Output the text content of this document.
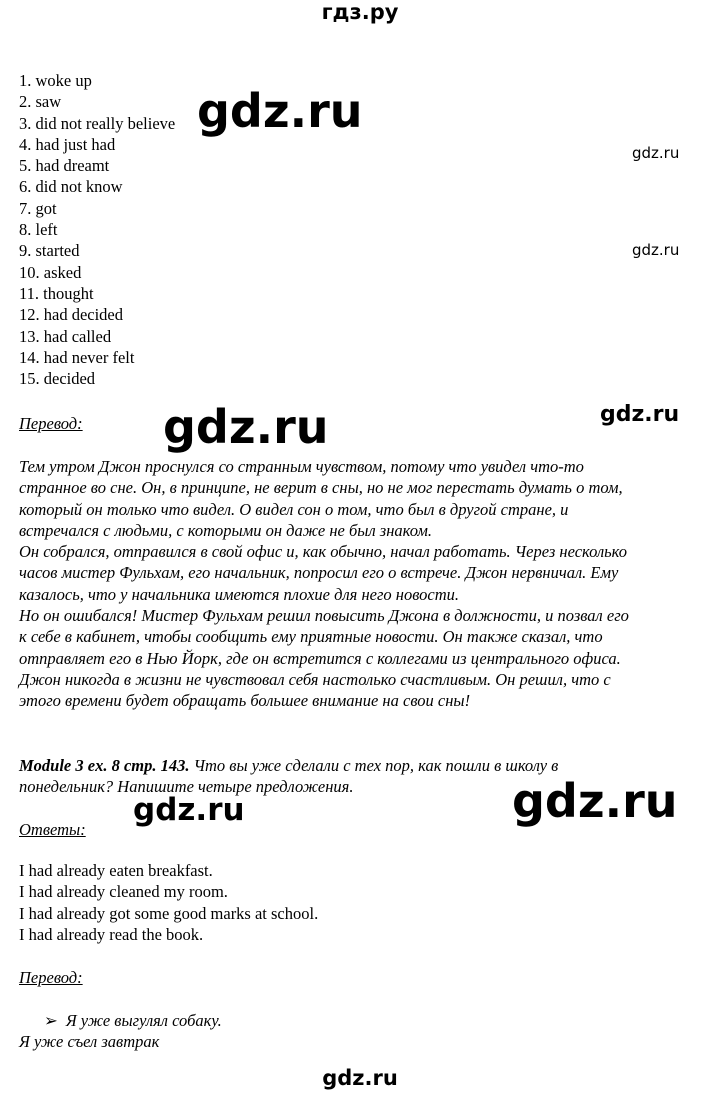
гдз.ру
1. woke up
2. saw
3. did not really believe
4. had just had
5. had dreamt
6. did not know
7. got
8. left
9. started
10. asked
11. thought
12. had decided
13. had called
14. had never felt
15. decided
gdz.ru
gdz.ru
gdz.ru
gdz.ru	gdz.ru
gdz.ru	gdz.ru
Перевод:
Тем утром Джон проснулся со странным чувством, потому что увидел что-то
странное во сне. Он, в принципе, не верит в сны, но не мог перестать думать о том,
который он только что видел. О видел сон о том, что был в другой стране, и
встречался с людьми, с которыми он даже не был знаком.
Он собрался, отправился в свой офис и, как обычно, начал работать. Через несколько
часов мистер Фульхам, его начальник, попросил его о встрече. Джон нервничал. Ему
казалось, что у начальника имеются плохие для него новости.
Но он ошибался! Мистер Фульхам решил повысить Джона в должности, и позвал его
к себе в кабинет, чтобы сообщить ему приятные новости. Он также сказал, что
отправляет его в Нью Йорк, где он встретится с коллегами из центрального офиса.
Джон никогда в жизни не чувствовал себя настолько счастливым. Он решил, что с
этого времени будет обращать большее внимание на свои сны!
Module 3 ex. 8 стр. 143. Что вы уже сделали с тех пор, как пошли в школу в
понедельник? Напишите четыре предложения.
Ответы:
I had already eaten breakfast.
I had already cleaned my room.
I had already got some good marks at school.
I had already read the book.
Перевод:
➢ Я уже выгулял собаку.
Я уже съел завтрак
gdz.ru
